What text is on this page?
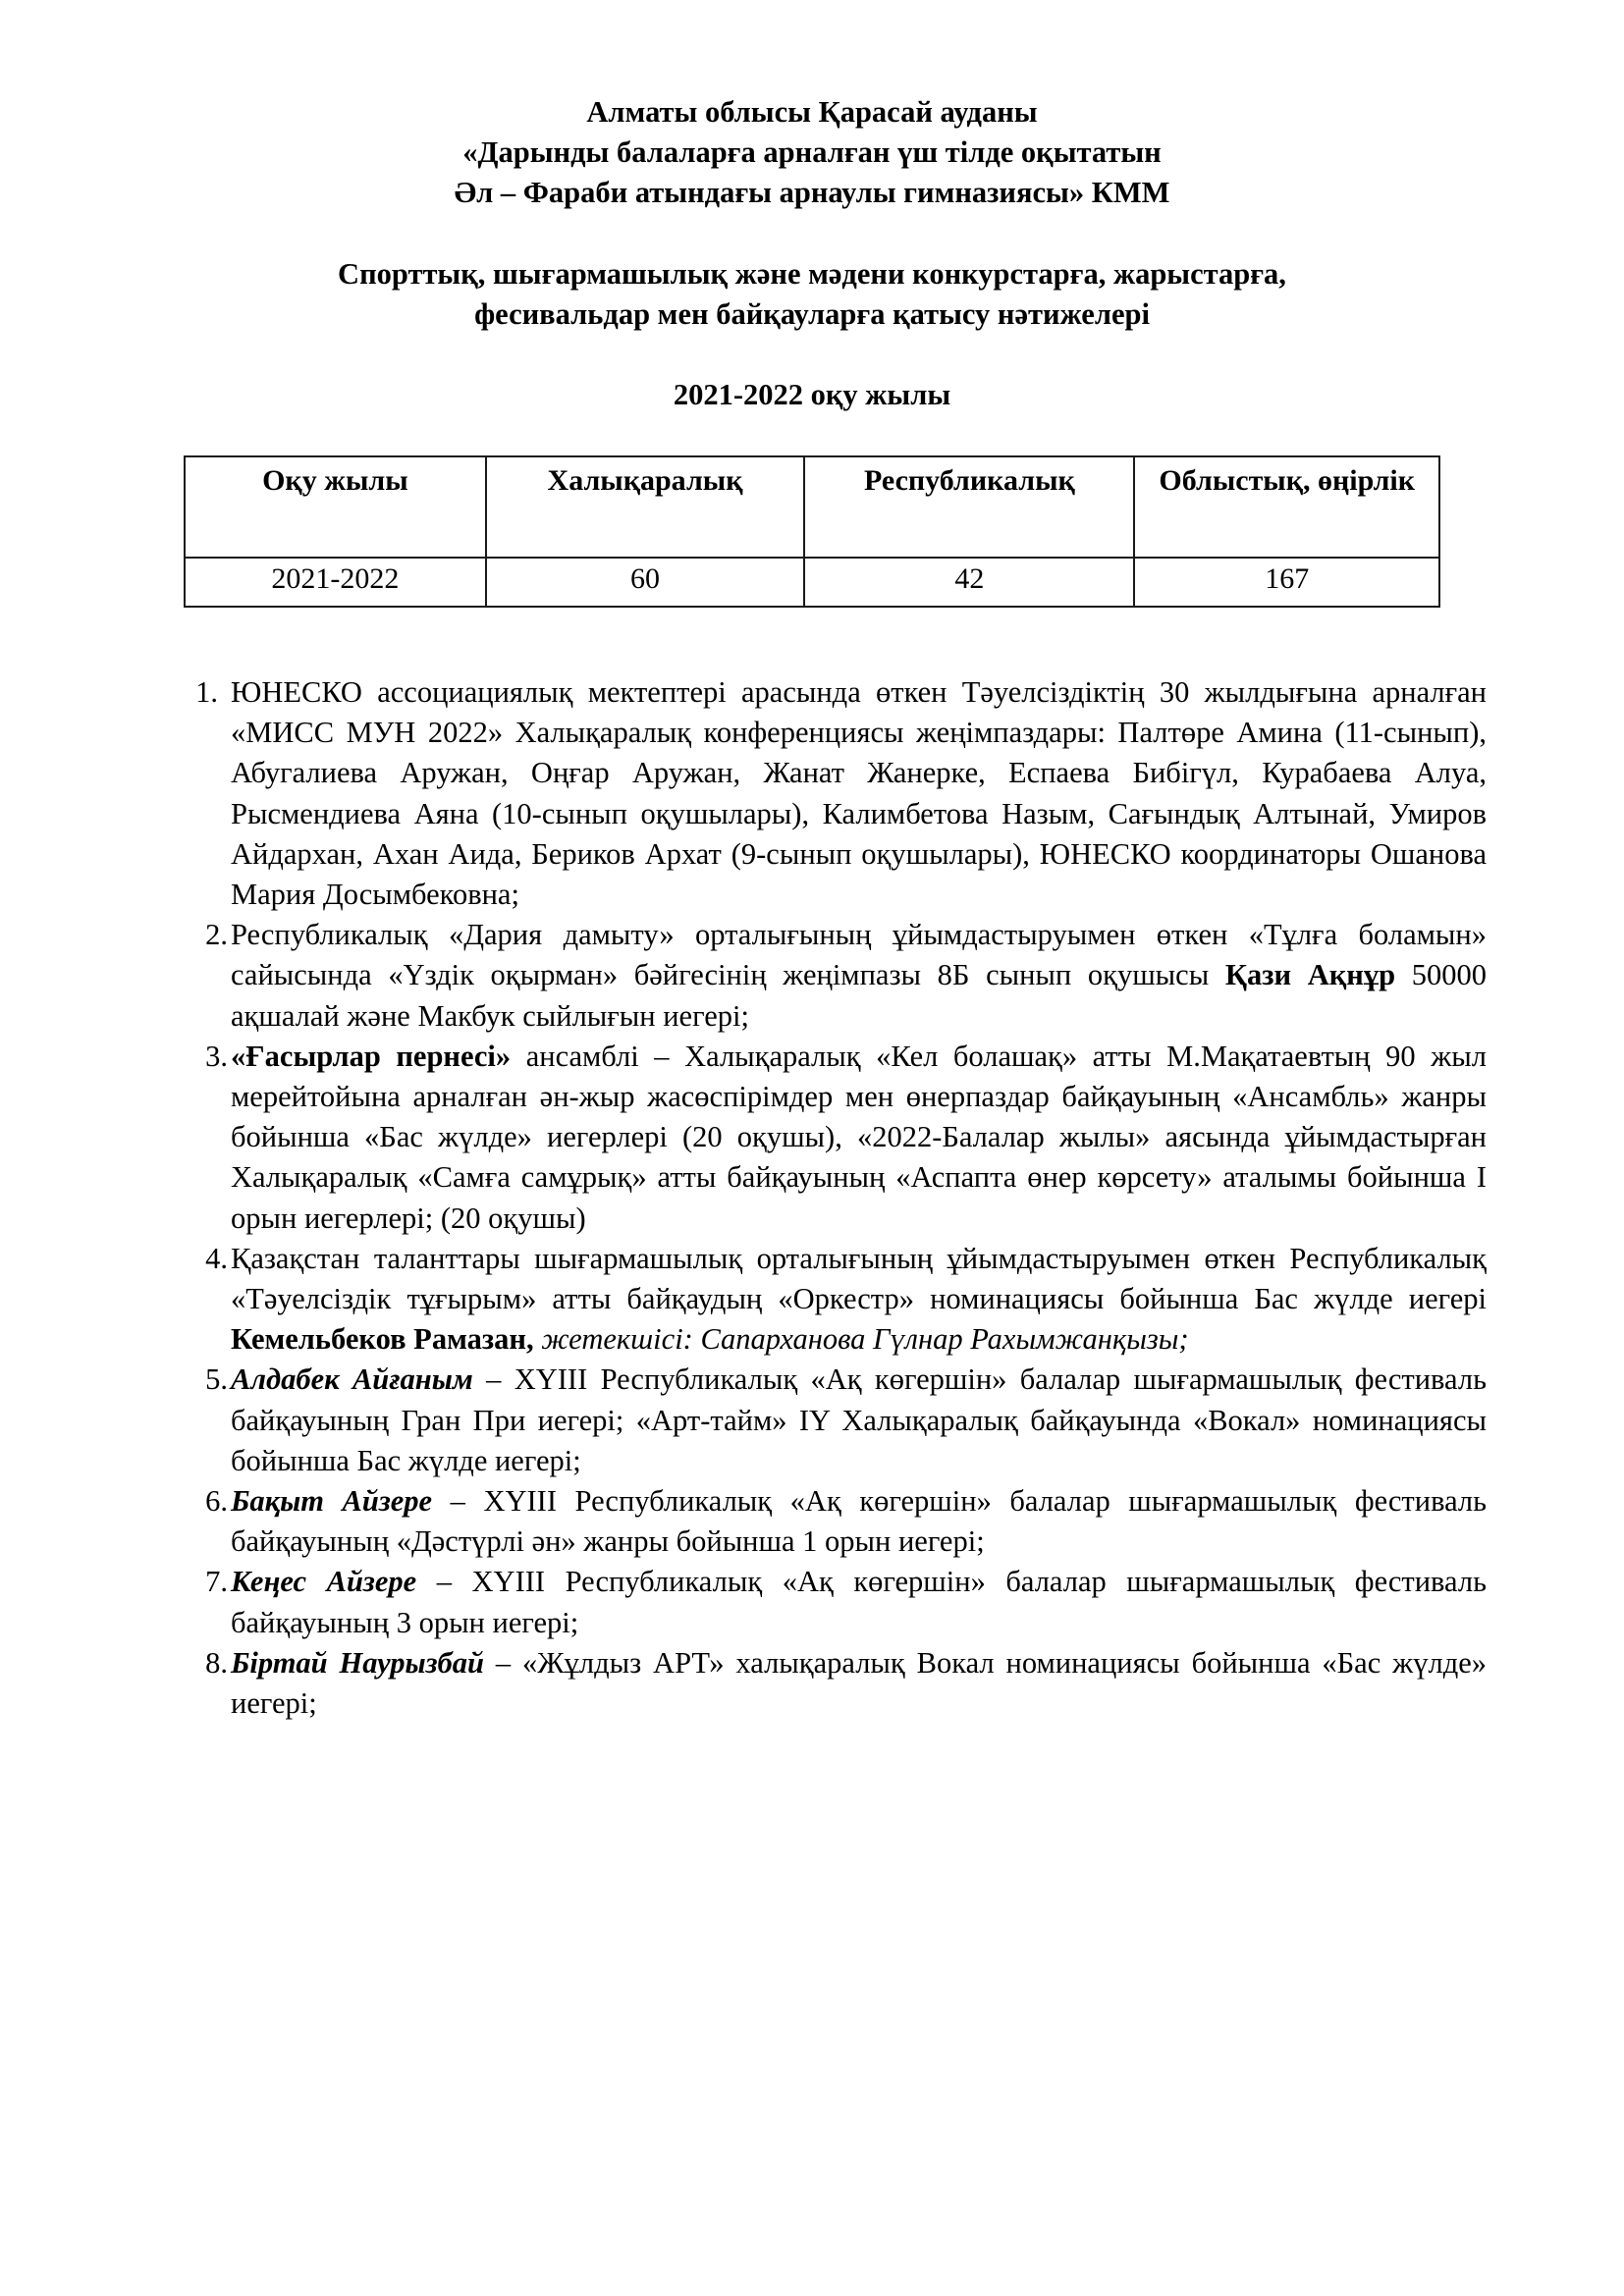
Алматы облысы Қарасай ауданы
«Дарынды балаларға арналған үш тілде оқытатын
Әл – Фараби атындағы арнаулы гимназиясы» КММ
Спорттық, шығармашылық және мәдени конкурстарға, жарыстарға,
фесивальдар мен байқауларға қатысу нәтижелері
2021-2022 оқу жылы
Оқу жылы	Халықаралық	Республикалық	Облыстық, өңірлік
2021-2022	60	42	167
ЮНЕСКО ассоциациялық мектептері арасында өткен Тәуелсіздіктің 30 жылдығына арналған «МИСС МУН 2022» Халықаралық конференциясы жеңімпаздары: Палтөре Амина (11-сынып), Абугалиева Аружан, Оңғар Аружан, Жанат Жанерке, Еспаева Бибігүл, Курабаева Алуа, Рысмендиева Аяна (10-сынып оқушылары), Калимбетова Назым, Сағындық Алтынай, Умиров Айдархан, Ахан Аида, Бериков Архат (9-сынып оқушылары), ЮНЕСКО координаторы Ошанова Мария Досымбековна;
Республикалық «Дария дамыту» орталығының ұйымдастыруымен өткен «Тұлға боламын» сайысында «Үздік оқырман» бәйгесінің жеңімпазы 8Б сынып оқушысы Қази Ақнұр 50000 ақшалай және Макбук сыйлығын иегері;
«Ғасырлар пернесі» ансамблі – Халықаралық «Кел болашақ» атты М.Мақатаевтың 90 жыл мерейтойына арналған ән-жыр жасөспірімдер мен өнерпаздар байқауының «Ансамбль» жанры бойынша «Бас жүлде» иегерлері (20 оқушы), «2022-Балалар жылы» аясында ұйымдастырған Халықаралық «Самға самұрық» атты байқауының «Аспапта өнер көрсету» аталымы бойынша I орын иегерлері; (20 оқушы)
Қазақстан таланттары шығармашылық орталығының ұйымдастыруымен өткен Республикалық «Тәуелсіздік тұғырым» атты байқаудың «Оркестр» номинациясы бойынша Бас жүлде иегері Кемельбеков Рамазан, жетекшісі: Сапарханова Гүлнар Рахымжанқызы;
Алдабек Айғаным – ХYIII Республикалық «Ақ көгершін» балалар шығармашылық фестиваль байқауының Гран При иегері; «Арт-тайм» IY Халықаралық байқауында «Вокал» номинациясы бойынша Бас жүлде иегері;
Бақыт Айзере – ХYIII Республикалық «Ақ көгершін» балалар шығармашылық фестиваль байқауының «Дәстүрлі ән» жанры бойынша 1 орын иегері;
Кеңес Айзере – ХYIII Республикалық «Ақ көгершін» балалар шығармашылық фестиваль байқауының 3 орын иегері;
Біртай Наурызбай – «Жұлдыз АРТ» халықаралық Вокал номинациясы бойынша «Бас жүлде» иегері;
